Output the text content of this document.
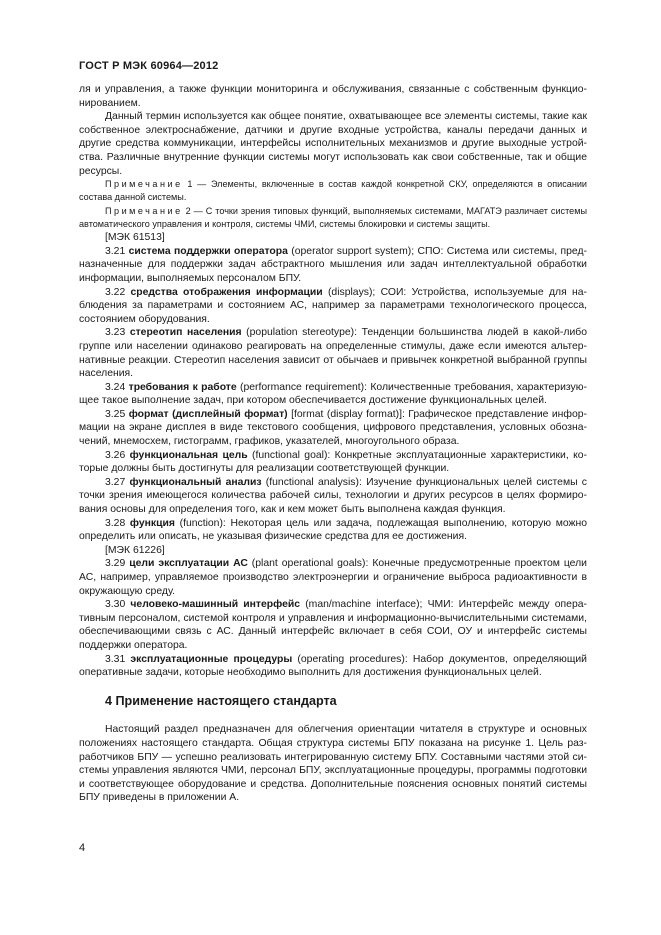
ГОСТ Р МЭК 60964—2012

ля и управления, а также функции мониторинга и обслуживания, связанные с собственным функционированием.

Данный термин используется как общее понятие, охватывающее все элементы системы, такие как собственное электроснабжение, датчики и другие входные устройства, каналы передачи данных и другие средства коммуникации, интерфейсы исполнительных механизмов и другие выходные устройства. Различные внутренние функции системы могут использовать как свои собственные, так и общие ресурсы.

Примечание 1 — Элементы, включенные в состав каждой конкретной СКУ, определяются в описании состава данной системы.

Примечание 2 — С точки зрения типовых функций, выполняемых системами, МАГАТЭ различает системы автоматического управления и контроля, системы ЧМИ, системы блокировки и системы защиты.

[МЭК 61513]

3.21 система поддержки оператора (operator support system); СПО: Система или системы, предназначенные для поддержки задач абстрактного мышления или задач интеллектуальной обработки информации, выполняемых персоналом БПУ.

3.22 средства отображения информации (displays); СОИ: Устройства, используемые для наблюдения за параметрами и состоянием АС, например за параметрами технологического процесса, состоянием оборудования.

3.23 стереотип населения (population stereotype): Тенденции большинства людей в какой-либо группе или населении одинаково реагировать на определенные стимулы, даже если имеются альтернативные реакции. Стереотип населения зависит от обычаев и привычек конкретной выбранной группы населения.

3.24 требования к работе (performance requirement): Количественные требования, характеризующее такое выполнение задач, при котором обеспечивается достижение функциональных целей.

3.25 формат (дисплейный формат) [format (display format)]: Графическое представление информации на экране дисплея в виде текстового сообщения, цифрового представления, условных обозначений, мнемосхем, гистограмм, графиков, указателей, многоугольного образа.

3.26 функциональная цель (functional goal): Конкретные эксплуатационные характеристики, которые должны быть достигнуты для реализации соответствующей функции.

3.27 функциональный анализ (functional analysis): Изучение функциональных целей системы с точки зрения имеющегося количества рабочей силы, технологии и других ресурсов в целях формирования основы для определения того, как и кем может быть выполнена каждая функция.

3.28 функция (function): Некоторая цель или задача, подлежащая выполнению, которую можно определить или описать, не указывая физические средства для ее достижения.

[МЭК 61226]

3.29 цели эксплуатации АС (plant operational goals): Конечные предусмотренные проектом цели АС, например, управляемое производство электроэнергии и ограничение выброса радиоактивности в окружающую среду.

3.30 человеко-машинный интерфейс (man/machine interface); ЧМИ: Интерфейс между оперативным персоналом, системой контроля и управления и информационно-вычислительными системами, обеспечивающими связь с АС. Данный интерфейс включает в себя СОИ, ОУ и интерфейс системы поддержки оператора.

3.31 эксплуатационные процедуры (operating procedures): Набор документов, определяющий оперативные задачи, которые необходимо выполнить для достижения функциональных целей.

4 Применение настоящего стандарта

Настоящий раздел предназначен для облегчения ориентации читателя в структуре и основных положениях настоящего стандарта. Общая структура системы БПУ показана на рисунке 1. Цель разработчиков БПУ — успешно реализовать интегрированную систему БПУ. Составными частями этой системы управления являются ЧМИ, персонал БПУ, эксплуатационные процедуры, программы подготовки и соответствующее оборудование и средства. Дополнительные пояснения основных понятий системы БПУ приведены в приложении А.

4
